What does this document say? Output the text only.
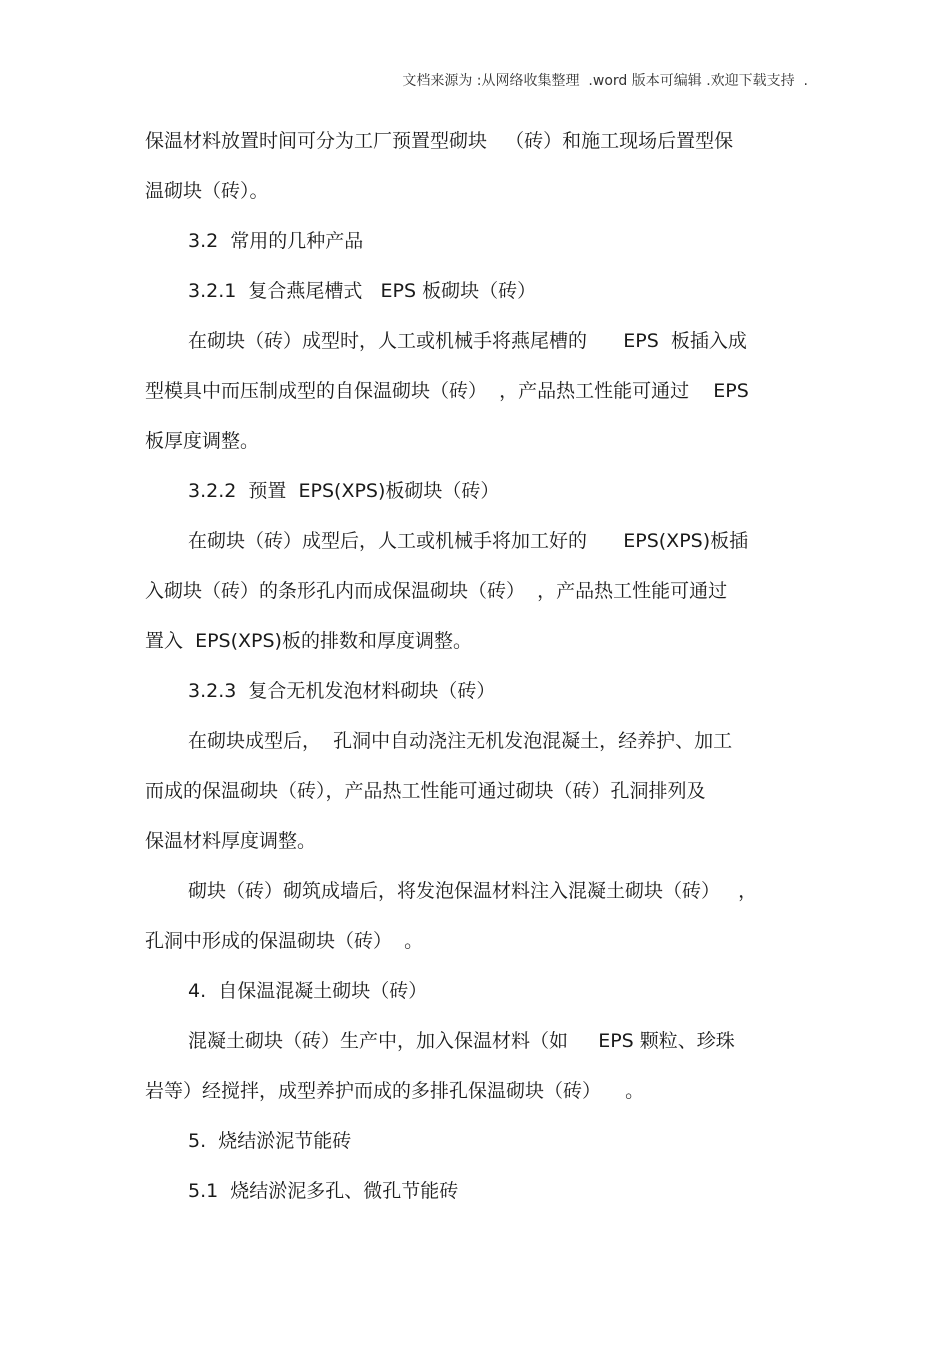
文档来源为 :从网络收集整理  .word 版本可编辑 .欢迎下载支持  .
保温材料放置时间可分为工厂预置型砌块   （砖）和施工现场后置型保
温砌块（砖）。
3.2  常用的几种产品
3.2.1  复合燕尾槽式   EPS 板砌块（砖）
在砌块（砖）成型时，人工或机械手将燕尾槽的      EPS  板插入成
型模具中而压制成型的自保温砌块（砖）  ，产品热工性能可通过    EPS
板厚度调整。
3.2.2  预置  EPS(XPS)板砌块（砖）
在砌块（砖）成型后，人工或机械手将加工好的      EPS(XPS)板插
入砌块（砖）的条形孔内而成保温砌块（砖）  ，产品热工性能可通过
置入  EPS(XPS)板的排数和厚度调整。
3.2.3  复合无机发泡材料砌块（砖）
在砌块成型后，  孔洞中自动浇注无机发泡混凝土，经养护、加工
而成的保温砌块（砖），产品热工性能可通过砌块（砖）孔洞排列及
保温材料厚度调整。
砌块（砖）砌筑成墙后，将发泡保温材料注入混凝土砌块（砖）   ，
孔洞中形成的保温砌块（砖）  。
4.  自保温混凝土砌块（砖）
混凝土砌块（砖）生产中，加入保温材料（如     EPS 颗粒、珍珠
岩等）经搅拌，成型养护而成的多排孔保温砌块（砖）    。
5.  烧结淤泥节能砖
5.1  烧结淤泥多孔、微孔节能砖
